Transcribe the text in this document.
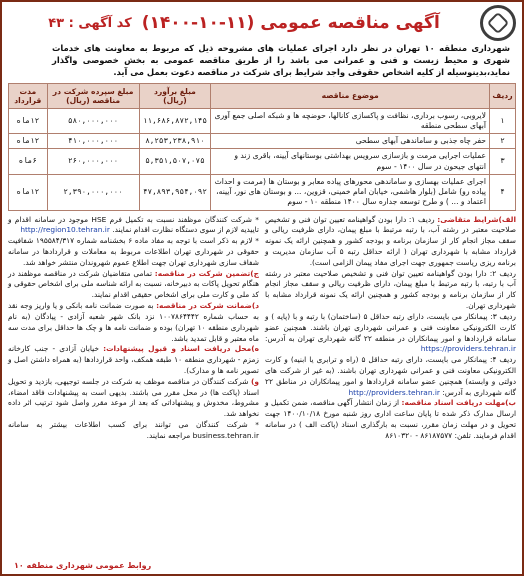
آگهی مناقصه عمومی (۱۱-۱۰-۱۴۰۰)
کد آگهی : ۴۳

شهرداری منطقه ۱۰ تهران در نظر دارد اجرای عملیات های مشروحه ذیل که مربوط به معاونت های خدمات شهری و محیط زیست و فنی و عمرانی می باشد را از طریق مناقصه عمومی به بخش خصوصی واگذار نماید،بدینوسیله از کلیه اشخاص حقوقی واجد شرایط برای شرکت در مناقصه دعوت بعمل می آید.

ردیف	موضوع مناقصه	مبلغ برآورد (ریال)	مبلغ سپرده شرکت در مناقصه (ریال)	مدت قرارداد
۱	لایروبی، رسوب برداری، نظافت و پاکسازی کانالها، حوضچه ها و شبکه اصلی جمع آوری آبهای سطحی منطقه	۱۱,۶۸۶,۸۷۲,۱۴۵	۵۸۰,۰۰۰,۰۰۰	۱۲ماه
۲	حفر چاه جذبی و ساماندهی آبهای سطحی	۸,۲۵۳,۲۳۸,۹۱۰	۴۱۰,۰۰۰,۰۰۰	۱۲ماه
۳	عملیات اجرایی مرمت و بازسازی سرویس بهداشتی بوستانهای آیینه، باقری زند و انتهای جیحون در سال ۱۴۰۰ - سوم	۵,۳۵۱,۵۰۷,۰۷۵	۲۶۰,۰۰۰,۰۰۰	۶ماه
۴	اجرای عملیات بهسازی و ساماندهی محورهای پیاده معابر و بوستان ها (مرمت و احداث پیاده رو) شامل (بلوار هاشمی، خیابان امام خمینی، قزوین، ... و بوستان های نور، آیینه، اعتماد و ... ) و طرح توسعه جداره سال ۱۴۰۰ منطقه ۱۰ - سوم	۴۷,۸۹۳,۹۵۴,۰۹۲	۲,۳۹۰,۰۰۰,۰۰۰	۱۲ماه

الف)شرایط متقاضی: ردیف ۱: دارا بودن گواهینامه تعیین توان فنی و تشخیص صلاحیت معتبر در رشته آب، با رتبه مرتبط با مبلغ پیمان، دارای ظرفیت ریالی و سقف مجاز انجام کار از سازمان برنامه و بودجه کشور و همچنین ارائه یک نمونه قرارداد مشابه با شهرداری تهران ( ارائه حداقل رتبه ۵ آب سازمان مدیریت و برنامه ریزی ریاست جمهوری جهت اجرای مفاد پیمان الزامی است).

ردیف ۲: دارا بودن گواهینامه تعیین توان فنی و تشخیص صلاحیت معتبر در رشته آب با رتبه، با رتبه مرتبط با مبلغ پیمان، دارای ظرفیت ریالی و سقف مجاز انجام کار از سازمان برنامه و بودجه کشور و همچنین ارائه یک نمونه قرارداد مشابه با شهرداری تهران.

ردیف ۳: پیمانکار می بایست، دارای رتبه حداقل ۵ (ساختمان) با رتبه و با (پایه ) و کارت الکترونیکی معاونت فنی و عمرانی شهرداری تهران باشند. همچنین عضو سامانه قراردادها و امور پیمانکاران در منطقه ۲۲ گانه شهرداری تهران به آدرس: https://providers.tehran.ir

ردیف ۴: پیمانکار می بایست، دارای رتبه حداقل ۵ (راه و ترابری یا ابنیه) و کارت الکترونیکی معاونت فنی و عمرانی شهرداری تهران باشند. (به غیر از شرکت های دولتی و وابسته) همچنین عضو سامانه قراردادها و امور پیمانکاران در مناطق ۲۲ گانه شهرداری به آدرس: http://providers.tehran.ir

ب)مهلت دریافت اسناد مناقصه: از زمان انتشار آگهی مناقصه، ضمن تکمیل و ارسال مدارک ذکر شده تا پایان ساعت اداری روز شنبه مورخ ۱۴۰۰/۱۰/۱۸ جهت تحویل و در مهلت زمان مقرر، نسبت به بارگذاری اسناد (پاکت الف ) در سامانه اقدام فرمایند. تلفن: ۸۶۱۸۷۵۷۷ - ۸۶۱۰۳۲۰

* شرکت کنندگان موظفند نسبت به تکمیل فرم HSE موجود در سامانه اقدام و تاییدیه لازم از سوی دستگاه نظارت اقدام نمایند. http://region10.tehran.ir

* لازم به ذکر است با توجه به مفاد ماده ۶ بخشنامه شماره ۱۹۵۵۸۴/۳۱۷ شفافیت حقوقی در شهرداری تهران اطلاعات مربوط به معاملات و قراردادها در سامانه شفاف سازی شهرداری تهران جهت اطلاع عموم شهروندان منتشر خواهد شد.

ج)تضمین شرکت در مناقصه: تمامی متقاضیان شرکت در مناقصه موظفند در هنگام تحویل پاکات به دبیرخانه، نسبت به ارائه شناسه ملی برای اشخاص حقوقی و کد ملی و کارت ملی برای اشخاص حقیقی اقدام نمایند.

د)ضمانت شرکت در مناقصه: به صورت ضمانت نامه بانکی و یا واریز وجه نقد به حساب شماره ۱۰۰۷۸۶۴۴۴۲ نزد بانک شهر شعبه آزادی - پیادگان (به نام شهرداری منطقه ۱۰ تهران) بوده و ضمانت نامه ها و چک ها حداقل برای مدت سه ماه معتبر و قابل تمدید باشد.

ه)محل دریافت اسناد و قبول پیشنهادات: خیابان آزادی - جنب کارخانه زمزم - شهرداری منطقه ۱۰ طبقه همکف، واحد قراردادها (به همراه داشتن اصل و تصویر نامه ها و مدارک).

و) شرکت کنندگان در مناقصه موظف به شرکت در جلسه توجیهی، بازدید و تحویل اسناد (پاکت ها) در محل مقرر می باشند. بدیهی است به پیشنهادات فاقد امضاء، مشروط، مخدوش و پیشنهاداتی که بعد از موعد مقرر واصل شود ترتیب اثر داده نخواهد شد.

* شرکت کنندگان می توانند برای کسب اطلاعات بیشتر به سامانه business.tehran.ir مراجعه نمایند.

روابط عمومی شهرداری منطقه ۱۰
